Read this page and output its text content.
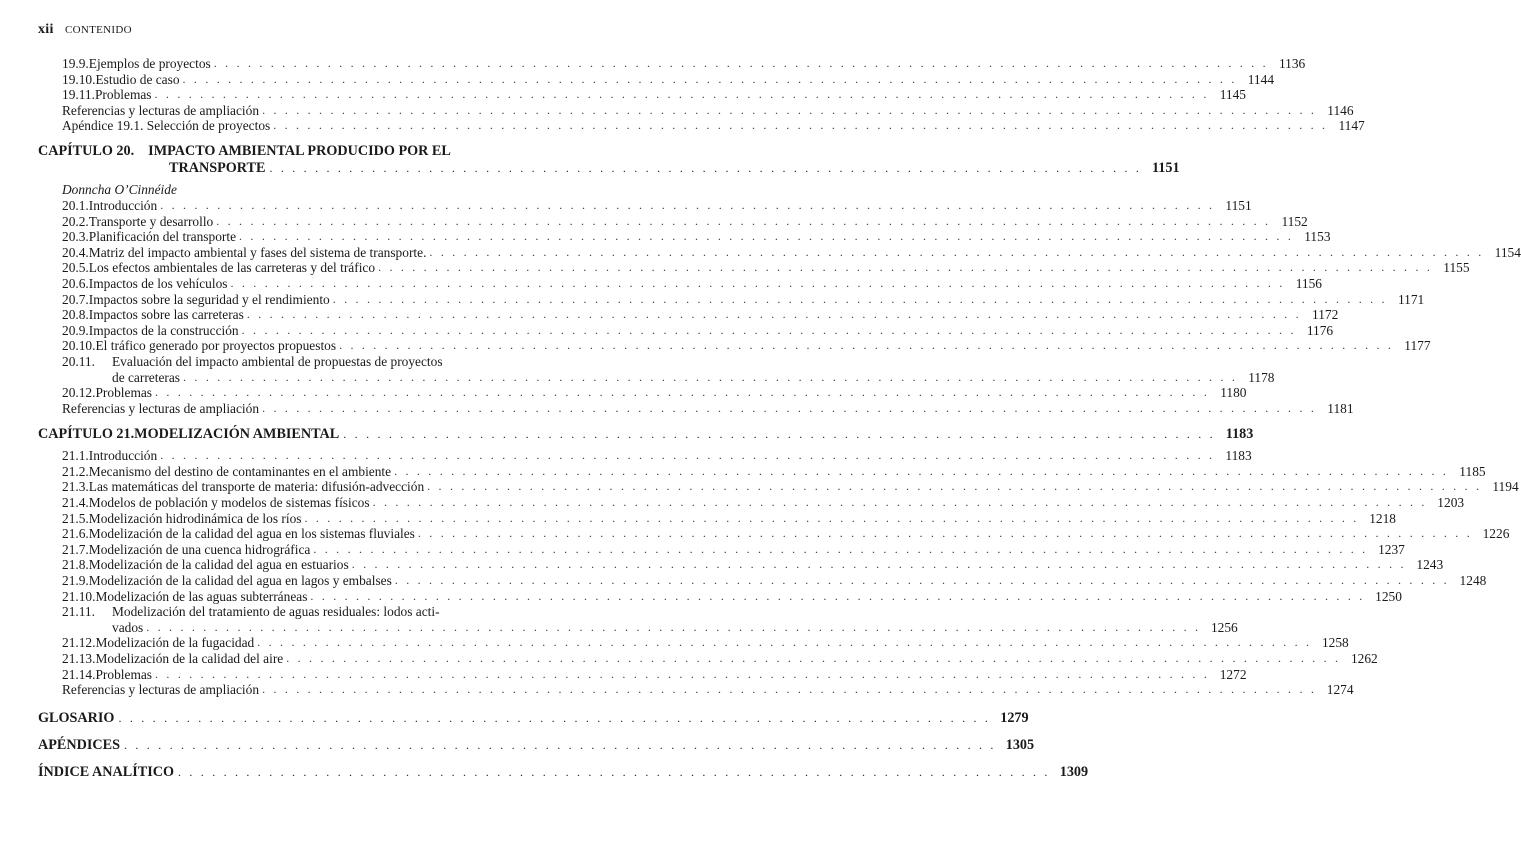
xii CONTENIDO
19.9. Ejemplos de proyectos . . .	1136
19.10. Estudio de caso . . .	1144
19.11. Problemas . . .	1145
Referencias y lecturas de ampliación . . .	1146
Apéndice 19.1. Selección de proyectos . . .	1147
CAPÍTULO 20. IMPACTO AMBIENTAL PRODUCIDO POR EL
TRANSPORTE . . .	1151
Donncha O’Cinnéide
20.1. Introducción . . .	1151
20.2. Transporte y desarrollo . . .	1152
20.3. Planificación del transporte . . .	1153
20.4. Matriz del impacto ambiental y fases del sistema de transporte. . . .	1154
20.5. Los efectos ambientales de las carreteras y del tráfico . . .	1155
20.6. Impactos de los vehículos . . .	1156
20.7. Impactos sobre la seguridad y el rendimiento . . .	1171
20.8. Impactos sobre las carreteras . . .	1172
20.9. Impactos de la construcción . . .	1176
20.10. El tráfico generado por proyectos propuestos . . .	1177
20.11.	Evaluación del impacto ambiental de propuestas de proyectos
de carreteras . . .	1178
20.12. Problemas . . .	1180
Referencias y lecturas de ampliación . . .	1181
CAPÍTULO 21. MODELIZACIÓN AMBIENTAL . . .	1183
21.1. Introducción . . .	1183
21.2. Mecanismo del destino de contaminantes en el ambiente . . .	1185
21.3. Las matemáticas del transporte de materia: difusión-advección . . .	1194
21.4. Modelos de población y modelos de sistemas físicos . . .	1203
21.5. Modelización hidrodinámica de los ríos . . .	1218
21.6. Modelización de la calidad del agua en los sistemas fluviales . . .	1226
21.7. Modelización de una cuenca hidrográfica . . .	1237
21.8. Modelización de la calidad del agua en estuarios . . .	1243
21.9. Modelización de la calidad del agua en lagos y embalses . . .	1248
21.10. Modelización de las aguas subterráneas . . .	1250
21.11.	Modelización del tratamiento de aguas residuales: lodos acti-
vados . . .	1256
21.12. Modelización de la fugacidad . . .	1258
21.13. Modelización de la calidad del aire . . .	1262
21.14. Problemas . . .	1272
Referencias y lecturas de ampliación . . .	1274
GLOSARIO . . .	1279
APÉNDICES . . .	1305
ÍNDICE ANALÍTICO . . .	1309
